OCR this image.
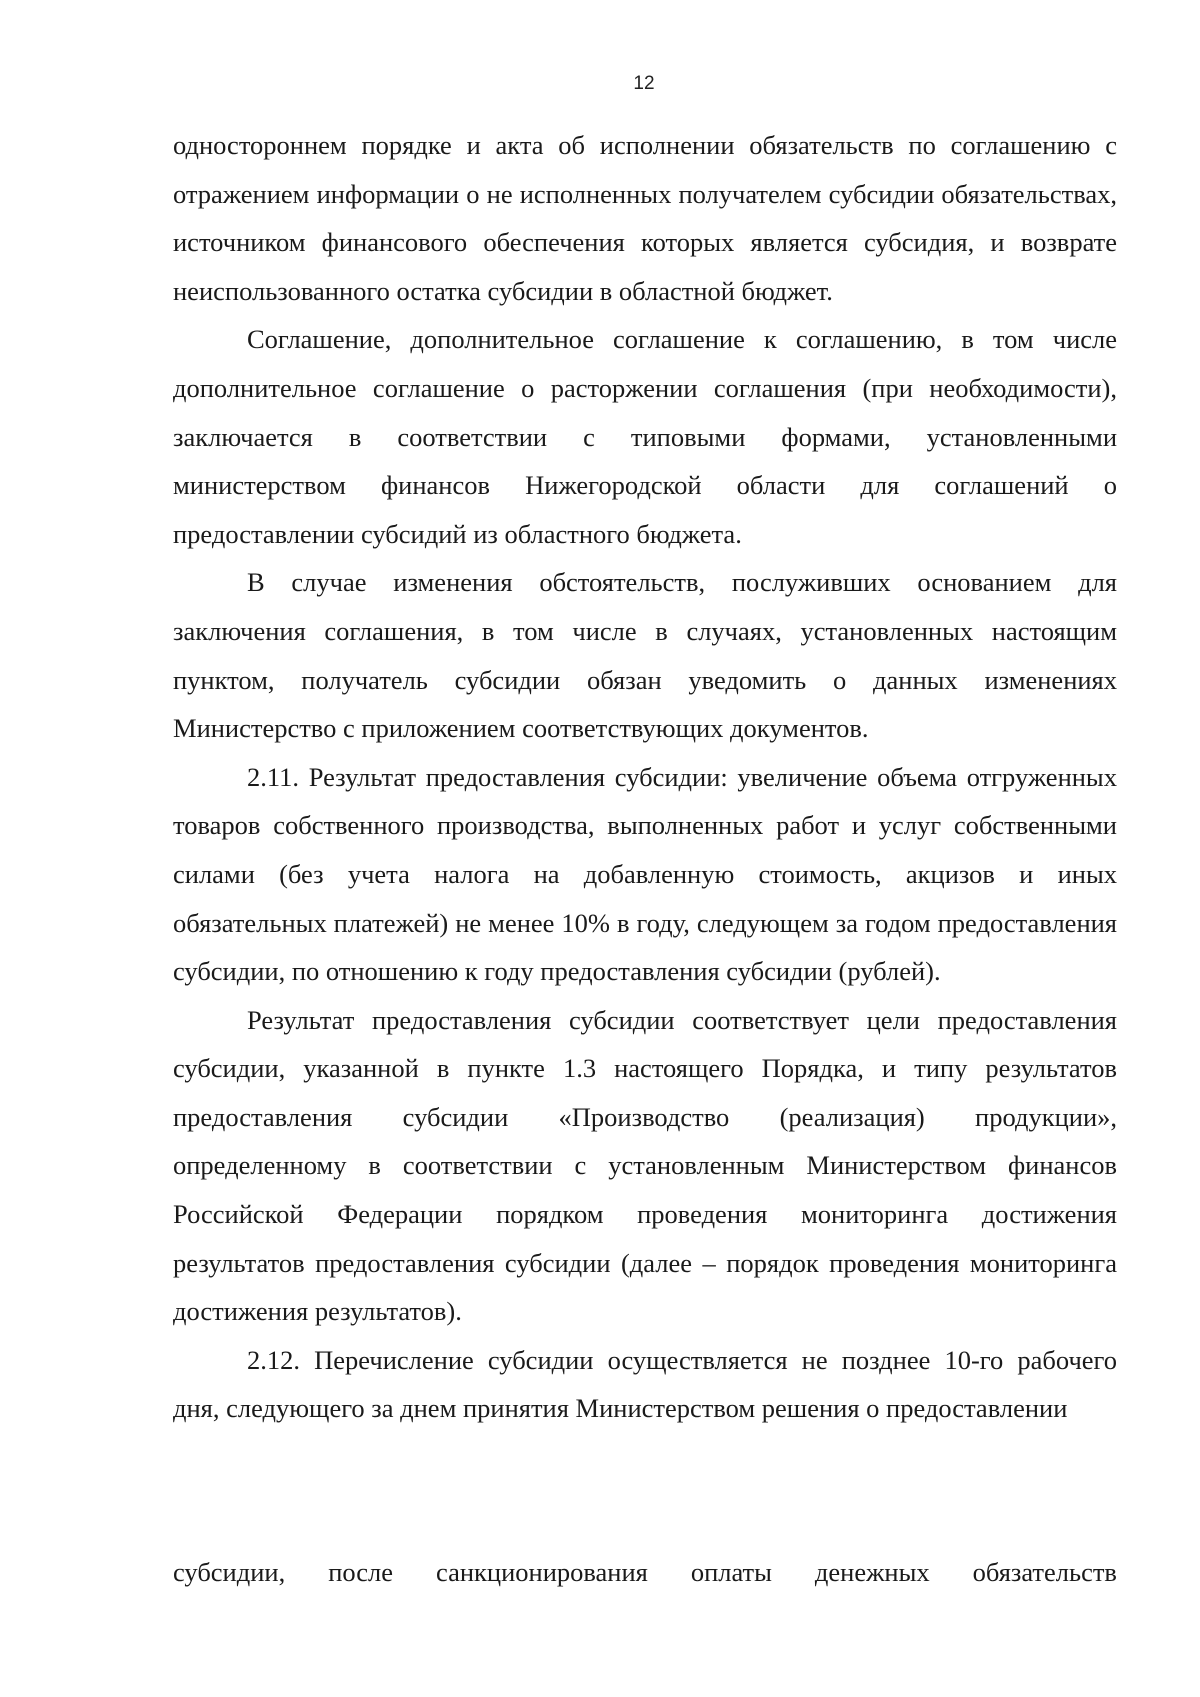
12

одностороннем порядке и акта об исполнении обязательств по соглашению с отражением информации о не исполненных получателем субсидии обязательствах, источником финансового обеспечения которых является субсидия, и возврате неиспользованного остатка субсидии в областной бюджет.

Соглашение, дополнительное соглашение к соглашению, в том числе дополнительное соглашение о расторжении соглашения (при необходимости), заключается в соответствии с типовыми формами, установленными министерством финансов Нижегородской области для соглашений о предоставлении субсидий из областного бюджета.

В случае изменения обстоятельств, послуживших основанием для заключения соглашения, в том числе в случаях, установленных настоящим пунктом, получатель субсидии обязан уведомить о данных изменениях Министерство с приложением соответствующих документов.

2.11. Результат предоставления субсидии: увеличение объема отгруженных товаров собственного производства, выполненных работ и услуг собственными силами (без учета налога на добавленную стоимость, акцизов и иных обязательных платежей) не менее 10% в году, следующем за годом предоставления субсидии, по отношению к году предоставления субсидии (рублей).

Результат предоставления субсидии соответствует цели предоставления субсидии, указанной в пункте 1.3 настоящего Порядка, и типу результатов предоставления субсидии «Производство (реализация) продукции», определенному в соответствии с установленным Министерством финансов Российской Федерации порядком проведения мониторинга достижения результатов предоставления субсидии (далее – порядок проведения мониторинга достижения результатов).

2.12. Перечисление субсидии осуществляется не позднее 10-го рабочего дня, следующего за днем принятия Министерством решения о предоставлении

субсидии, после санкционирования оплаты денежных обязательств
